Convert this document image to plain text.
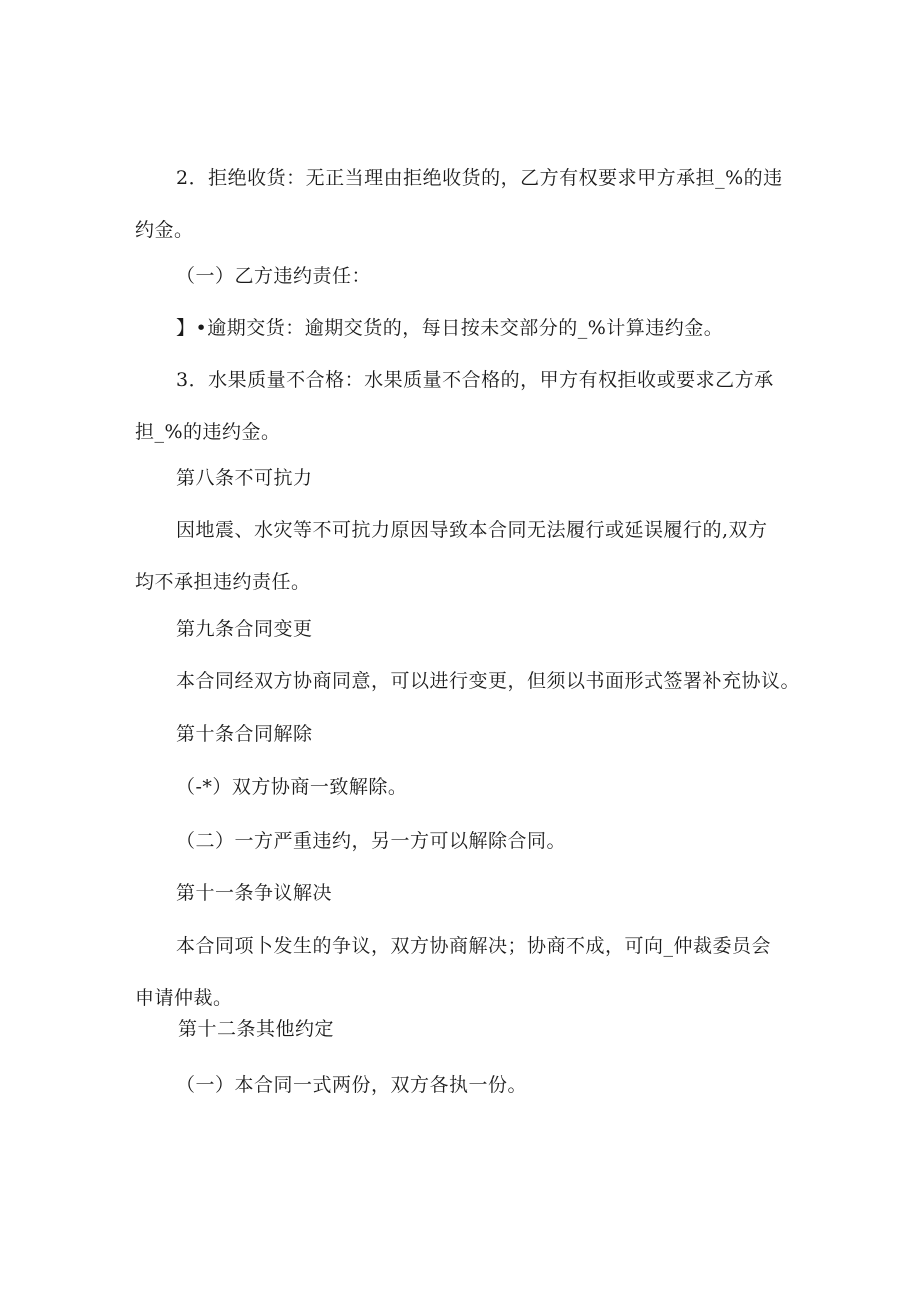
2．拒绝收货：无正当理由拒绝收货的，乙方有权要求甲方承担_%的违约金。
（一）乙方违约责任：
】•逾期交货：逾期交货的，每日按未交部分的_%计算违约金。
3．水果质量不合格：水果质量不合格的，甲方有权拒收或要求乙方承担_%的违约金。
第八条不可抗力
因地震、水灾等不可抗力原因导致本合同无法履行或延误履行的,双方均不承担违约责任。
第九条合同变更
本合同经双方协商同意，可以进行变更，但须以书面形式签署补充协议。
第十条合同解除
（-*）双方协商一致解除。
（二）一方严重违约，另一方可以解除合同。
第十一条争议解决
本合同项卜发生的争议，双方协商解决；协商不成，可向_仲裁委员会申请仲裁。
第十二条其他约定
（一）本合同一式两份，双方各执一份。
